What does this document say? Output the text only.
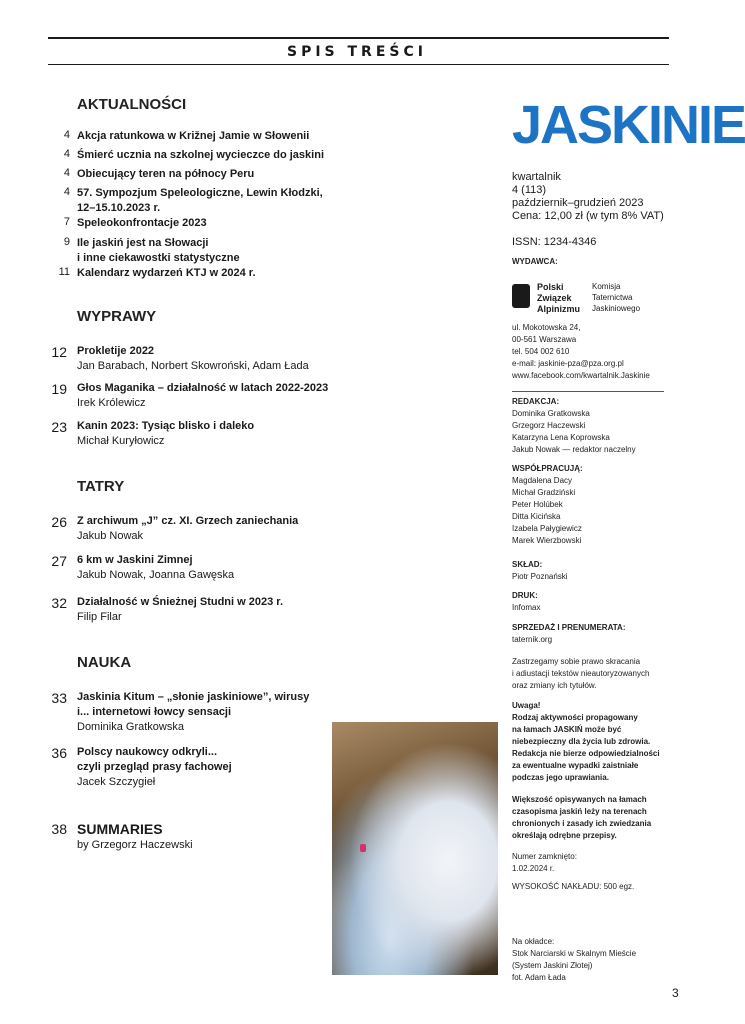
SPIS TREŚCI
AKTUALNOŚCI
4 Akcja ratunkowa w Križnej Jamie w Słowenii
4 Śmierć ucznia na szkolnej wycieczce do jaskini
4 Obiecujący teren na północy Peru
4 57. Sympozjum Speleologiczne, Lewin Kłodzki,
12–15.10.2023 r.
7 Speleokonfrontacje 2023
9 Ile jaskiń jest na Słowacji
i inne ciekawostki statystyczne
11 Kalendarz wydarzeń KTJ w 2024 r.
WYPRAWY
12 Prokletije 2022
Jan Barabach, Norbert Skowroński, Adam Łada
19 Głos Maganika – działalność w latach 2022-2023
Irek Królewicz
23 Kanin 2023: Tysiąc blisko i daleko
Michał Kuryłowicz
TATRY
26 Z archiwum „J” cz. XI. Grzech zaniechania
Jakub Nowak
27 6 km w Jaskini Zimnej
Jakub Nowak, Joanna Gawęska
32 Działalność w Śnieżnej Studni w 2023 r.
Filip Filar
NAUKA
33 Jaskinia Kitum – „słonie jaskiniowe”, wirusy
i... internetowi łowcy sensacji
Dominika Gratkowska
36 Polscy naukowcy odkryli...
czyli przegląd prasy fachowej
Jacek Szczygieł
38 SUMMARIES
by Grzegorz Haczewski
JASKINIE
kwartalnik
4 (113)
październik–grudzień 2023
Cena: 12,00 zł (w tym 8% VAT)
ISSN: 1234-4346
WYDAWCA:
Polski
Związek
Alpinizmu
Komisja
Taternictwa
Jaskiniowego
ul. Mokotowska 24,
00-561 Warszawa
tel. 504 002 610
e-mail: jaskinie-pza@pza.org.pl
www.facebook.com/kwartalnik.Jaskinie
REDAKCJA:
Dominika Gratkowska
Grzegorz Haczewski
Katarzyna Lena Koprowska
Jakub Nowak — redaktor naczelny
WSPÓŁPRACUJĄ:
Magdalena Dacy
Michał Gradziński
Peter Holúbek
Ditta Kicińska
Izabela Pałygiewicz
Marek Wierzbowski
SKŁAD:
Piotr Poznański
DRUK:
Infomax
SPRZEDAŻ I PRENUMERATA:
taternik.org
Zastrzegamy sobie prawo skracania
i adiustacji tekstów nieautoryzowanych
oraz zmiany ich tytułów.
Uwaga!
Rodzaj aktywności propagowany
na łamach JASKIŃ może być
niebezpieczny dla życia lub zdrowia.
Redakcja nie bierze odpowiedzialności
za ewentualne wypadki zaistniałe
podczas jego uprawiania.
Większość opisywanych na łamach
czasopisma jaskiń leży na terenach
chronionych i zasady ich zwiedzania
określają odrębne przepisy.
Numer zamknięto:
1.02.2024 r.
WYSOKOŚĆ NAKŁADU: 500 egz.
Na okładce:
Stok Narciarski w Skalnym Mieście
(System Jaskini Złotej)
fot. Adam Łada
3
